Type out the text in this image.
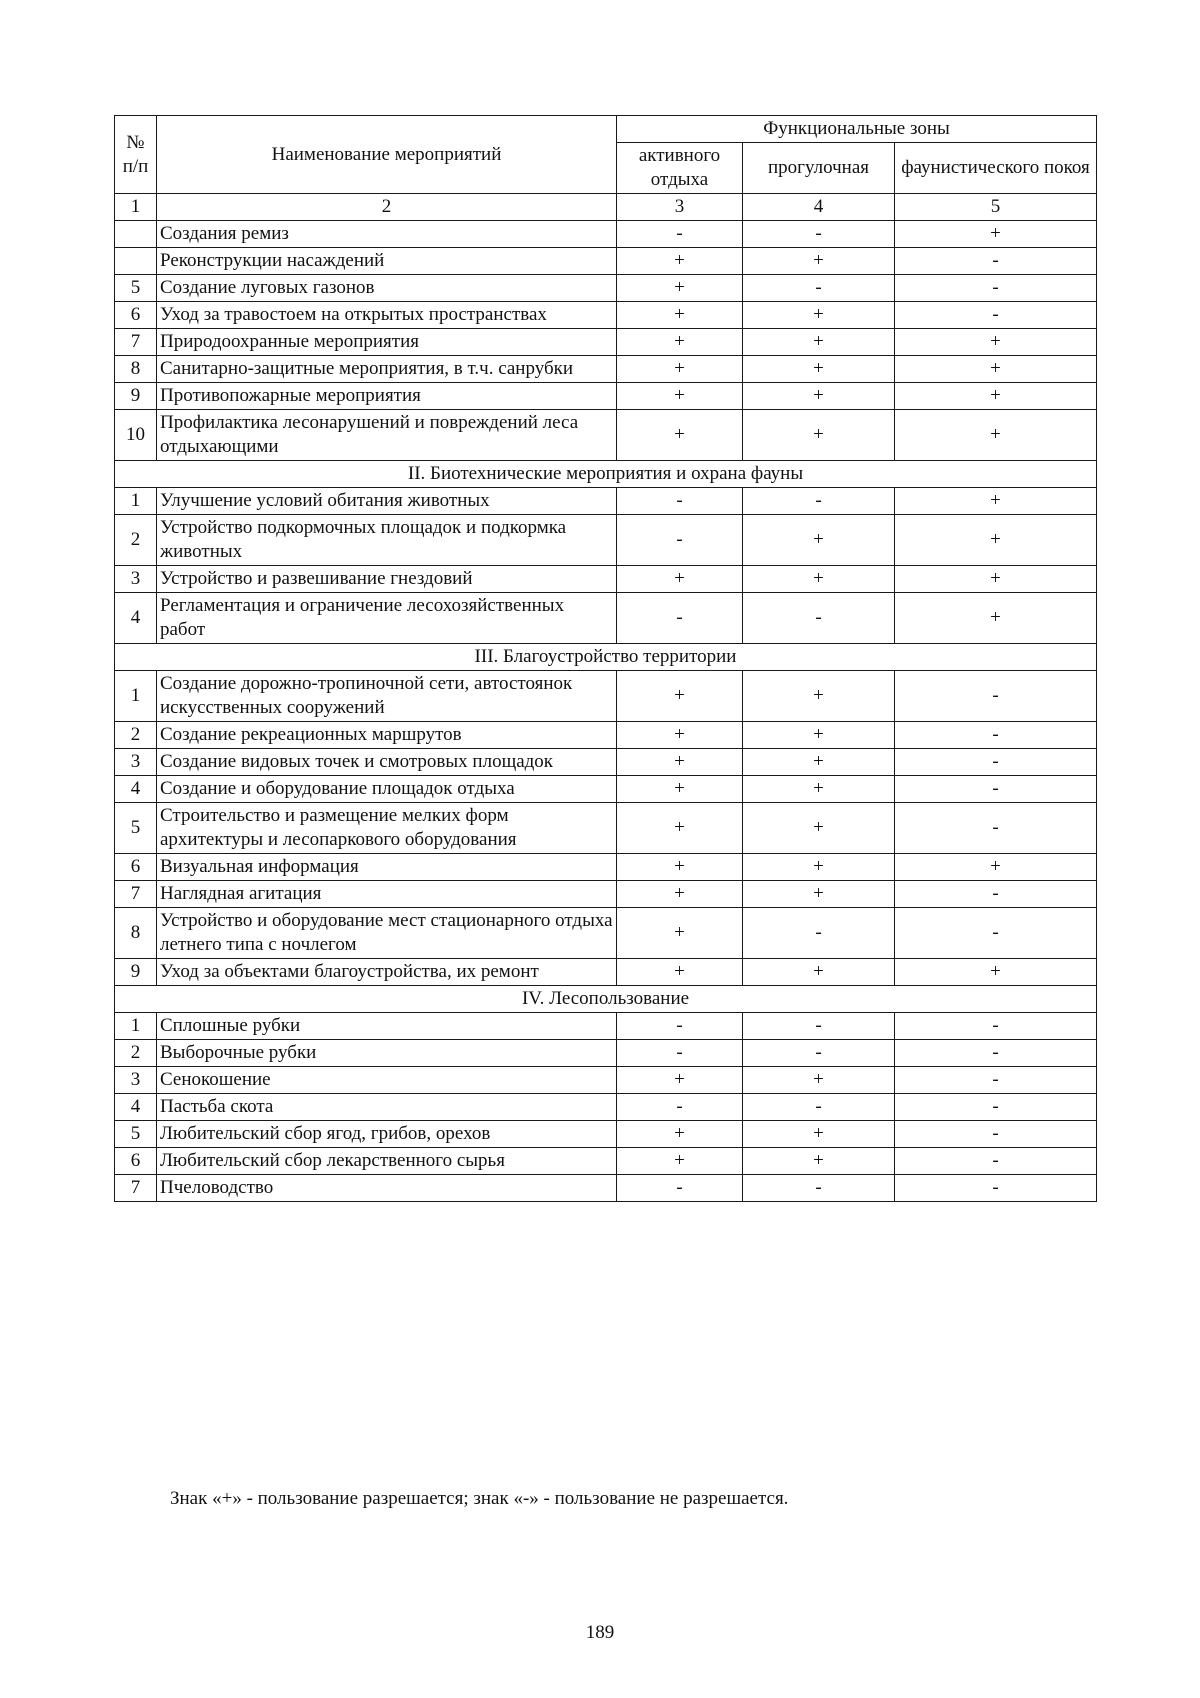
№ п/п	Наименование мероприятий	Функциональные зоны		
		активного отдыха	прогулочная	фаунистического покоя
1	2	3	4	5
	Создания ремиз	-	-	+
	Реконструкции насаждений	+	+	-
5	Создание луговых газонов	+	-	-
6	Уход за травостоем на открытых пространствах	+	+	-
7	Природоохранные мероприятия	+	+	+
8	Санитарно-защитные мероприятия, в т.ч. санрубки	+	+	+
9	Противопожарные мероприятия	+	+	+
10	Профилактика лесонарушений и повреждений леса отдыхающими	+	+	+
II. Биотехнические мероприятия и охрана фауны				
1	Улучшение условий обитания животных	-	-	+
2	Устройство подкормочных площадок и подкормка животных	-	+	+
3	Устройство и развешивание гнездовий	+	+	+
4	Регламентация и ограничение лесохозяйственных работ	-	-	+
III. Благоустройство территории				
1	Создание дорожно-тропиночной сети, автостоянок искусственных сооружений	+	+	-
2	Создание рекреационных маршрутов	+	+	-
3	Создание видовых точек и смотровых площадок	+	+	-
4	Создание и оборудование площадок отдыха	+	+	-
5	Строительство и размещение мелких форм архитектуры и лесопаркового оборудования	+	+	-
6	Визуальная информация	+	+	+
7	Наглядная агитация	+	+	-
8	Устройство и оборудование мест стационарного отдыха летнего типа с ночлегом	+	-	-
9	Уход за объектами благоустройства, их ремонт	+	+	+
IV. Лесопользование				
1	Сплошные рубки	-	-	-
2	Выборочные рубки	-	-	-
3	Сенокошение	+	+	-
4	Пастьба скота	-	-	-
5	Любительский сбор ягод, грибов, орехов	+	+	-
6	Любительский сбор лекарственного сырья	+	+	-
7	Пчеловодство	-	-	-
Знак «+» - пользование разрешается; знак «-» - пользование не разрешается.
189
